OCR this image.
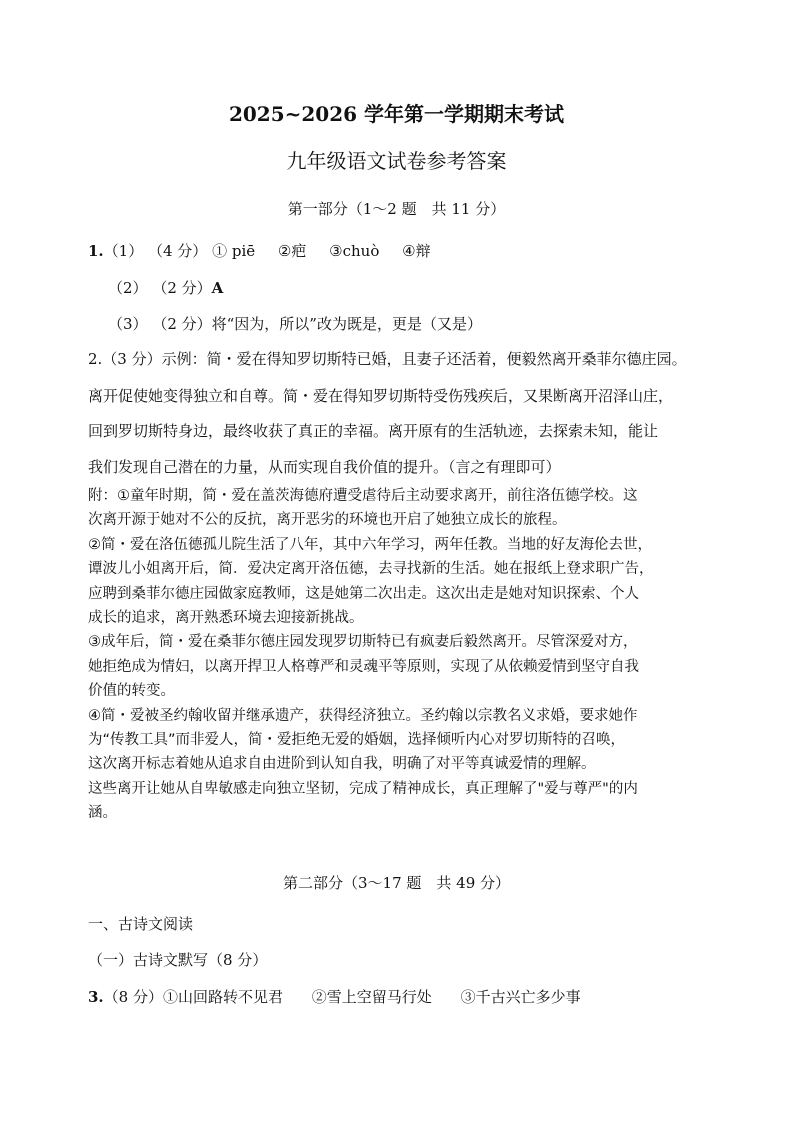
2025~2026 学年第一学期期末考试
九年级语文试卷参考答案
第一部分（1～2 题　共 11 分）
1.（1） （4 分） ① piē ②疤 ③chuò ④辩
（2） （2 分）A
（3） （2 分）将“因为，所以”改为既是，更是（又是）
2.（3 分）示例：简・爱在得知罗切斯特已婚，且妻子还活着，便毅然离开桑菲尔德庄园。
离开促使她变得独立和自尊。简・爱在得知罗切斯特受伤残疾后，又果断离开沼泽山庄，
回到罗切斯特身边，最终收获了真正的幸福。离开原有的生活轨迹，去探索未知，能让
我们发现自己潜在的力量，从而实现自我价值的提升。（言之有理即可）

附：①童年时期，简・爱在盖茨海德府遭受虐待后主动要求离开，前往洛伍德学校。这

次离开源于她对不公的反抗，离开恶劣的环境也开启了她独立成长的旅程。

②简・爱在洛伍德孤儿院生活了八年，其中六年学习，两年任教。当地的好友海伦去世，

谭波儿小姐离开后，简．爱决定离开洛伍德，去寻找新的生活。她在报纸上登求职广告，

应聘到桑菲尔德庄园做家庭教师，这是她第二次出走。这次出走是她对知识探索、个人

成长的追求，离开熟悉环境去迎接新挑战。

③成年后，简・爱在桑菲尔德庄园发现罗切斯特已有疯妻后毅然离开。尽管深爱对方，

她拒绝成为情妇，以离开捍卫人格尊严和灵魂平等原则，实现了从依赖爱情到坚守自我

价值的转变。

④简・爱被圣约翰收留并继承遗产，获得经济独立。圣约翰以宗教名义求婚，要求她作

为“传教工具”而非爱人，简・爱拒绝无爱的婚姻，选择倾听内心对罗切斯特的召唤，

这次离开标志着她从追求自由进阶到认知自我，明确了对平等真诚爱情的理解。

这些离开让她从自卑敏感走向独立坚韧，完成了精神成长，真正理解了"爱与尊严"的内

涵。

第二部分（3～17 题　共 49 分）
一、古诗文阅读
（一）古诗文默写（8 分）
3.（8 分）①山回路转不见君 ②雪上空留马行处 ③千古兴亡多少事
